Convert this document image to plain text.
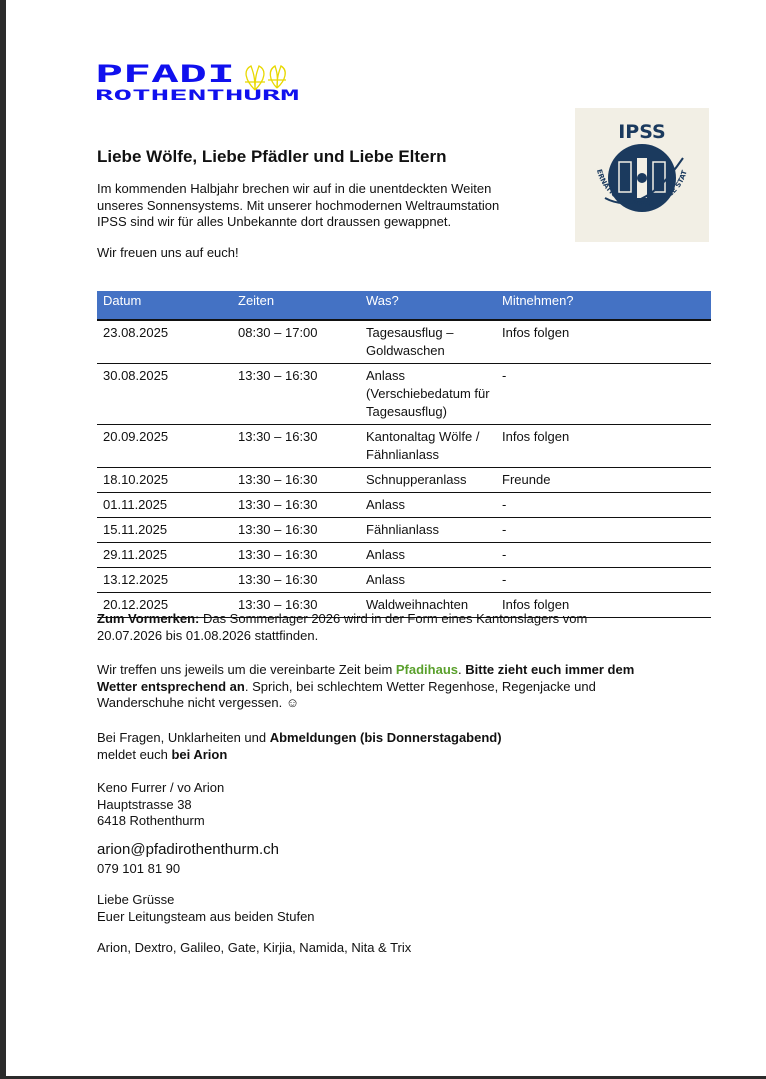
PFADI
ROTHENTHURM
IPSS
ERNATIONAL PFADI SPACE STAT
Liebe Wölfe, Liebe Pfädler und Liebe Eltern
Im kommenden Halbjahr brechen wir auf in die unentdeckten Weiten
unseres Sonnensystems. Mit unserer hochmodernen Weltraumstation
IPSS sind wir für alles Unbekannte dort draussen gewappnet.
Wir freuen uns auf euch!
Datum	Zeiten	Was?	Mitnehmen?
23.08.2025	08:30 – 17:00	Tagesausflug – Goldwaschen	Infos folgen
30.08.2025	13:30 – 16:30	Anlass (Verschiebedatum für Tagesausflug)	-
20.09.2025	13:30 – 16:30	Kantonaltag Wölfe / Fähnlianlass	Infos folgen
18.10.2025	13:30 – 16:30	Schnupperanlass	Freunde
01.11.2025	13:30 – 16:30	Anlass	-
15.11.2025	13:30 – 16:30	Fähnlianlass	-
29.11.2025	13:30 – 16:30	Anlass	-
13.12.2025	13:30 – 16:30	Anlass	-
20.12.2025	13:30 – 16:30	Waldweihnachten	Infos folgen
Zum Vormerken: Das Sommerlager 2026 wird in der Form eines Kantonslagers vom 20.07.2026 bis 01.08.2026 stattfinden.
Wir treffen uns jeweils um die vereinbarte Zeit beim Pfadihaus. Bitte zieht euch immer dem Wetter entsprechend an. Sprich, bei schlechtem Wetter Regenhose, Regenjacke und Wanderschuhe nicht vergessen. ☺
Bei Fragen, Unklarheiten und Abmeldungen (bis Donnerstagabend)
meldet euch bei Arion
Keno Furrer / vo Arion
Hauptstrasse 38
6418 Rothenthurm
arion@pfadirothenthurm.ch
079 101 81 90
Liebe Grüsse
Euer Leitungsteam aus beiden Stufen
Arion, Dextro, Galileo, Gate, Kirjia, Namida, Nita & Trix
